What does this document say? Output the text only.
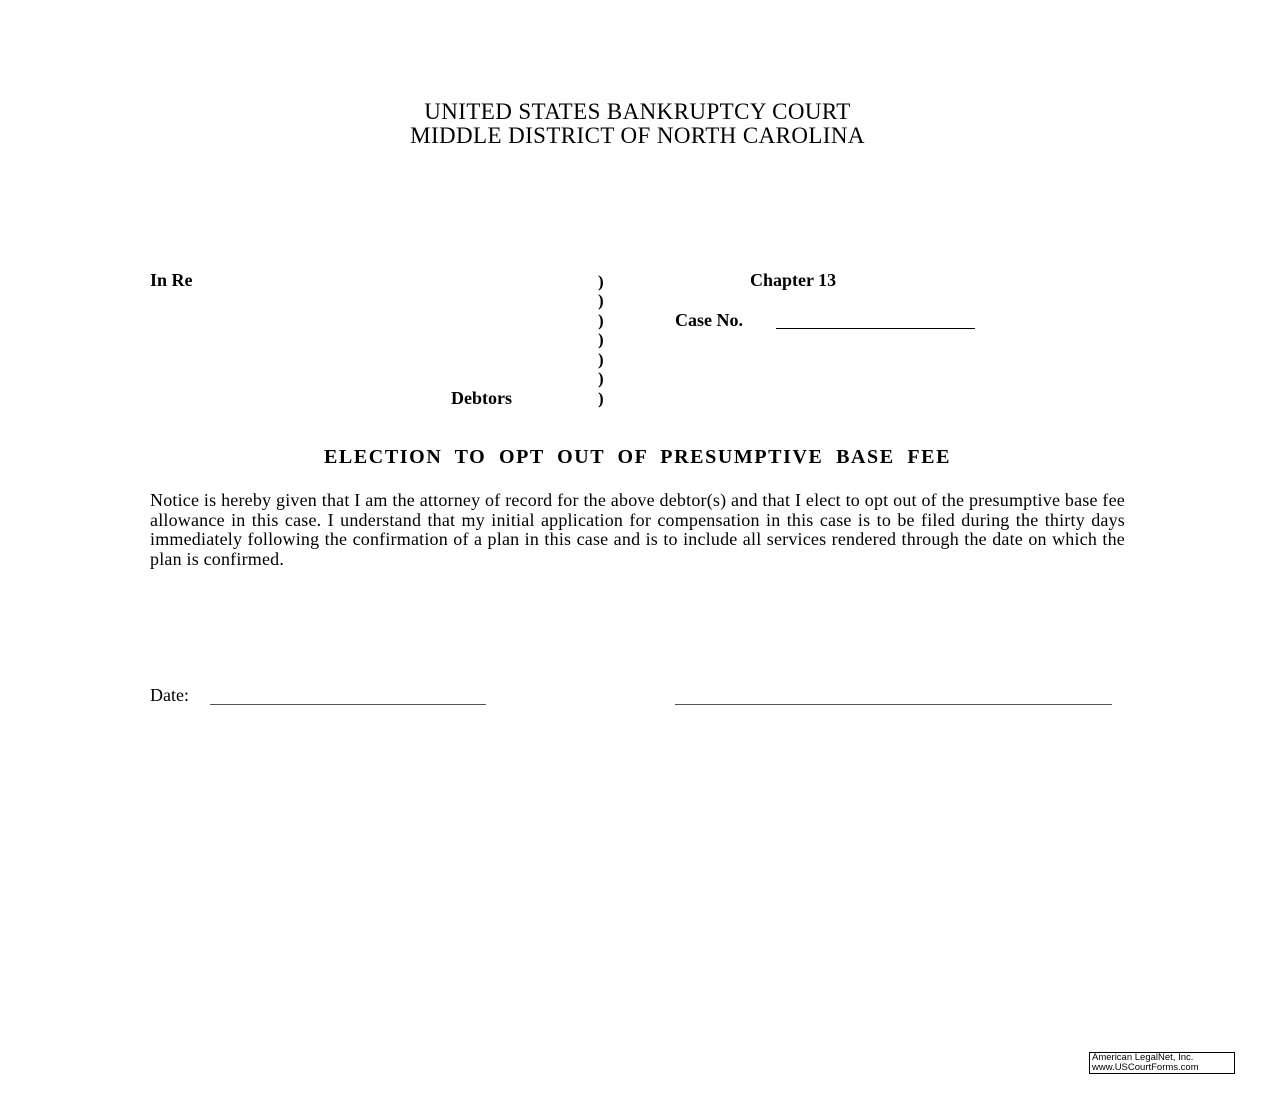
UNITED STATES BANKRUPTCY COURT
MIDDLE DISTRICT OF NORTH CAROLINA
In Re
Debtors
)
)
)
)
)
)
)
Chapter 13
Case No.
ELECTION TO OPT OUT OF PRESUMPTIVE BASE FEE
Notice is hereby given that I am the attorney of record for the above debtor(s) and that I elect to opt out of the presumptive base fee allowance in this case. I understand that my initial application for compensation in this case is to be filed during the thirty days immediately following the confirmation of a plan in this case and is to include all services rendered through the date on which the plan is confirmed.
Date:
American LegalNet, Inc.
www.USCourtForms.com
